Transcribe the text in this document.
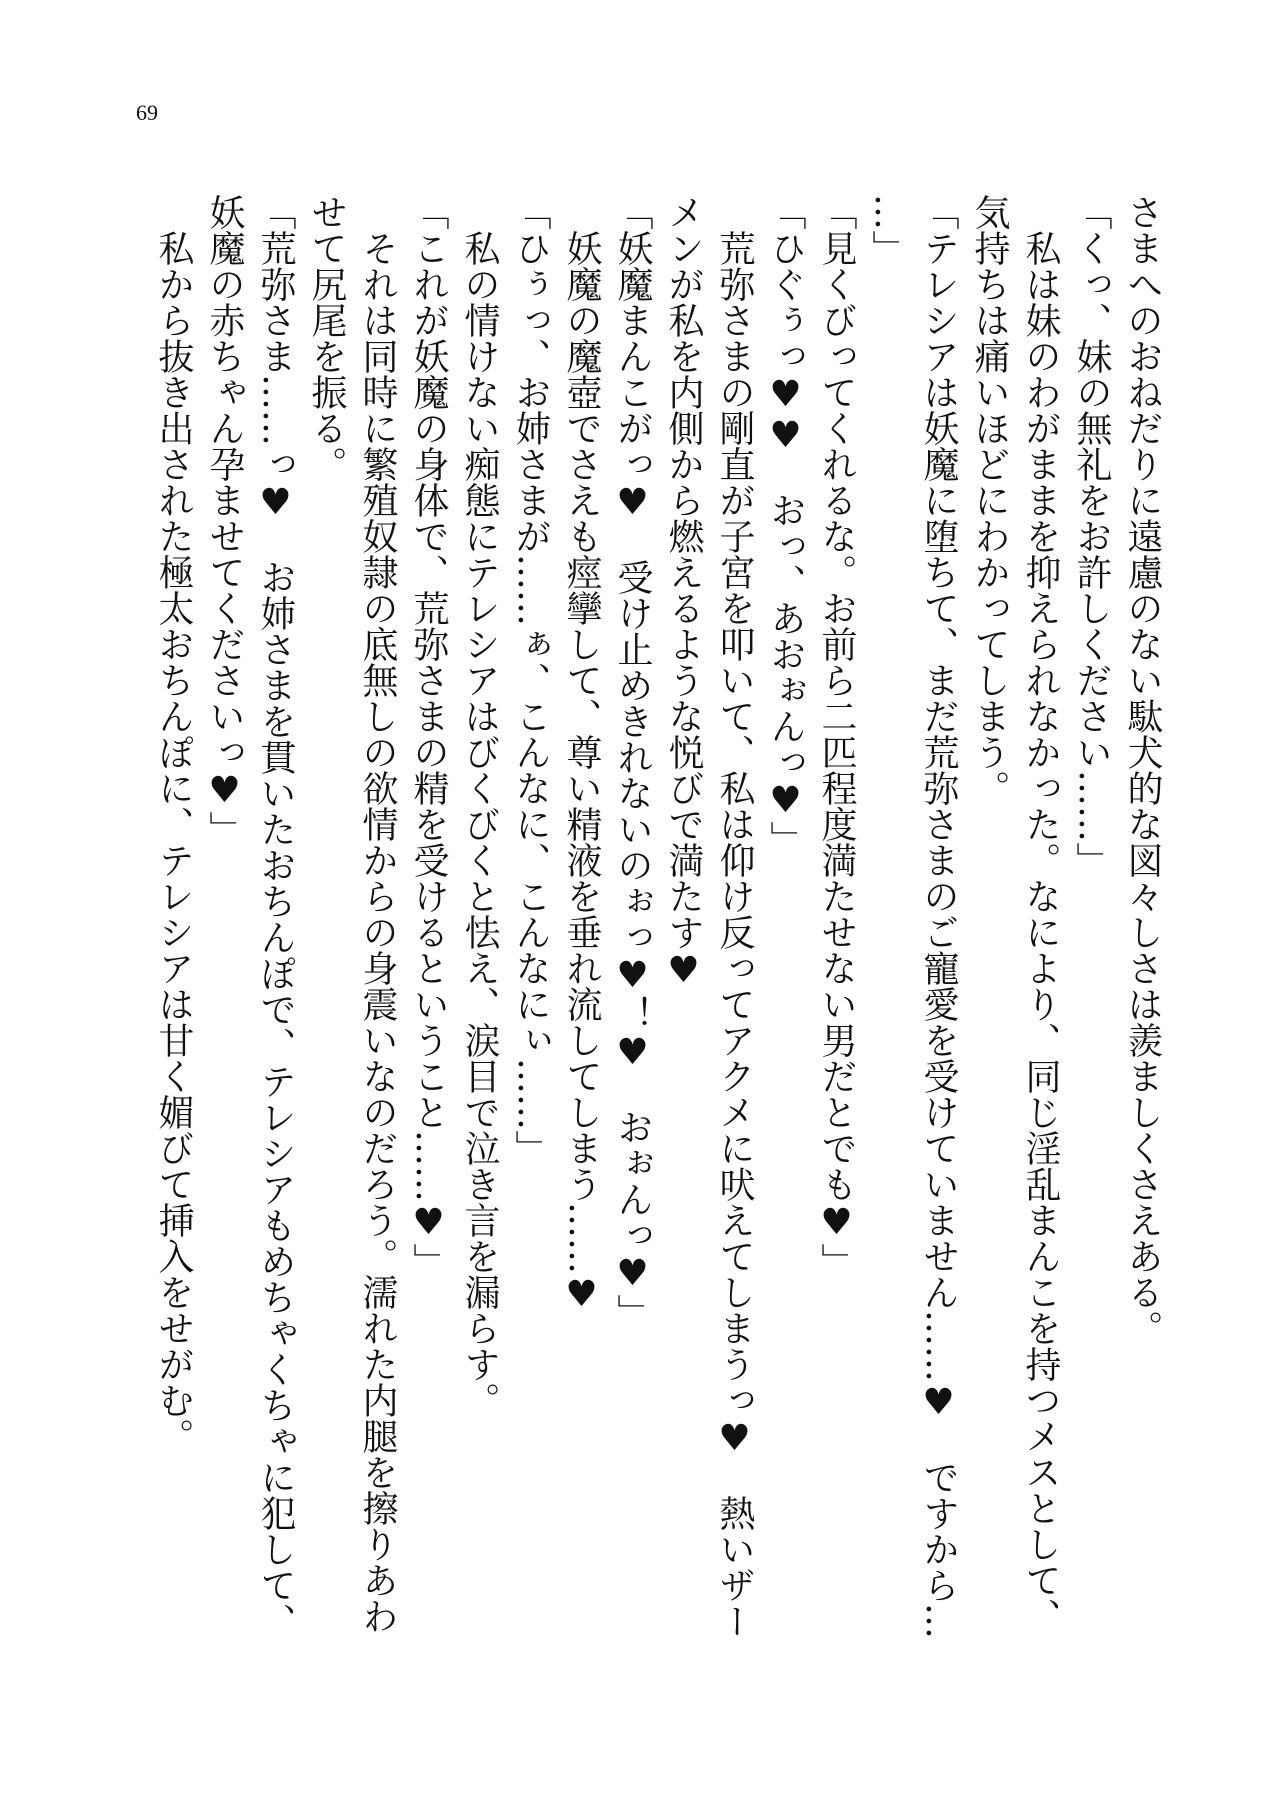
69
さまへのおねだりに遠慮のない駄犬的な図々しさは羨ましくさえある。
「くっ、妹の無礼をお許しください……」
　私は妹のわがままを抑えられなかった。なにより、同じ淫乱まんこを持つメスとして、
気持ちは痛いほどにわかってしまう。
「テレシアは妖魔に堕ちて、まだ荒弥さまのご寵愛を受けていません……♥　ですから…
…」
「見くびってくれるな。お前ら二匹程度満たせない男だとでも♥」
「ひぐぅっ♥♥　おっ、あおぉんっ♥」
　荒弥さまの剛直が子宮を叩いて、私は仰け反ってアクメに吠えてしまうっ♥　熱いザー
メンが私を内側から燃えるような悦びで満たす♥
「妖魔まんこがっ♥　受け止めきれないのぉっ♥！♥　おぉんっ♥」
　妖魔の魔壺でさえも痙攣して、尊い精液を垂れ流してしまう……♥
「ひぅっ、お姉さまが……ぁ、こんなに、こんなにぃ……」
　私の情けない痴態にテレシアはびくびくと怯え、涙目で泣き言を漏らす。
「これが妖魔の身体で、荒弥さまの精を受けるということ……♥」
　それは同時に繁殖奴隷の底無しの欲情からの身震いなのだろう。濡れた内腿を擦りあわ
せて尻尾を振る。
「荒弥さま……っ♥　お姉さまを貫いたおちんぽで、テレシアもめちゃくちゃに犯して、
妖魔の赤ちゃん孕ませてくださいっ♥」
　私から抜き出された極太おちんぽに、テレシアは甘く媚びて挿入をせがむ。
